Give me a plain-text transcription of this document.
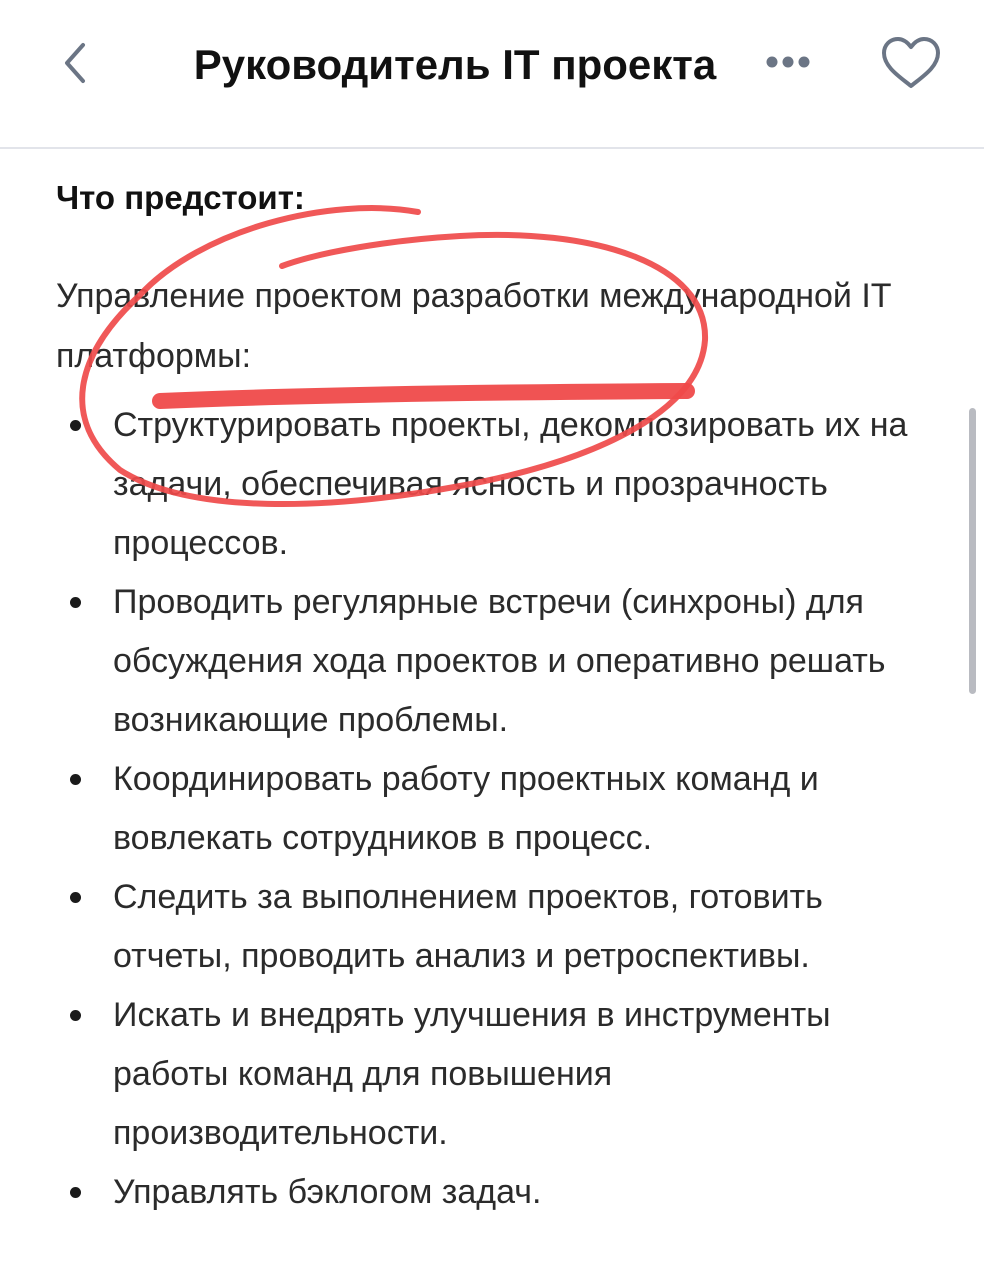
Руководитель IT проекта
Что предстоит:

Управление проектом разработки международной IT платформы:

Структурировать проекты, декомпозировать их на задачи, обеспечивая ясность и прозрачность процессов.
Проводить регулярные встречи (синхроны) для обсуждения хода проектов и оперативно решать возникающие проблемы.
Координировать работу проектных команд и вовлекать сотрудников в процесс.
Следить за выполнением проектов, готовить отчеты, проводить анализ и ретроспективы.
Искать и внедрять улучшения в инструменты работы команд для повышения производительности.
Управлять бэклогом задач.
